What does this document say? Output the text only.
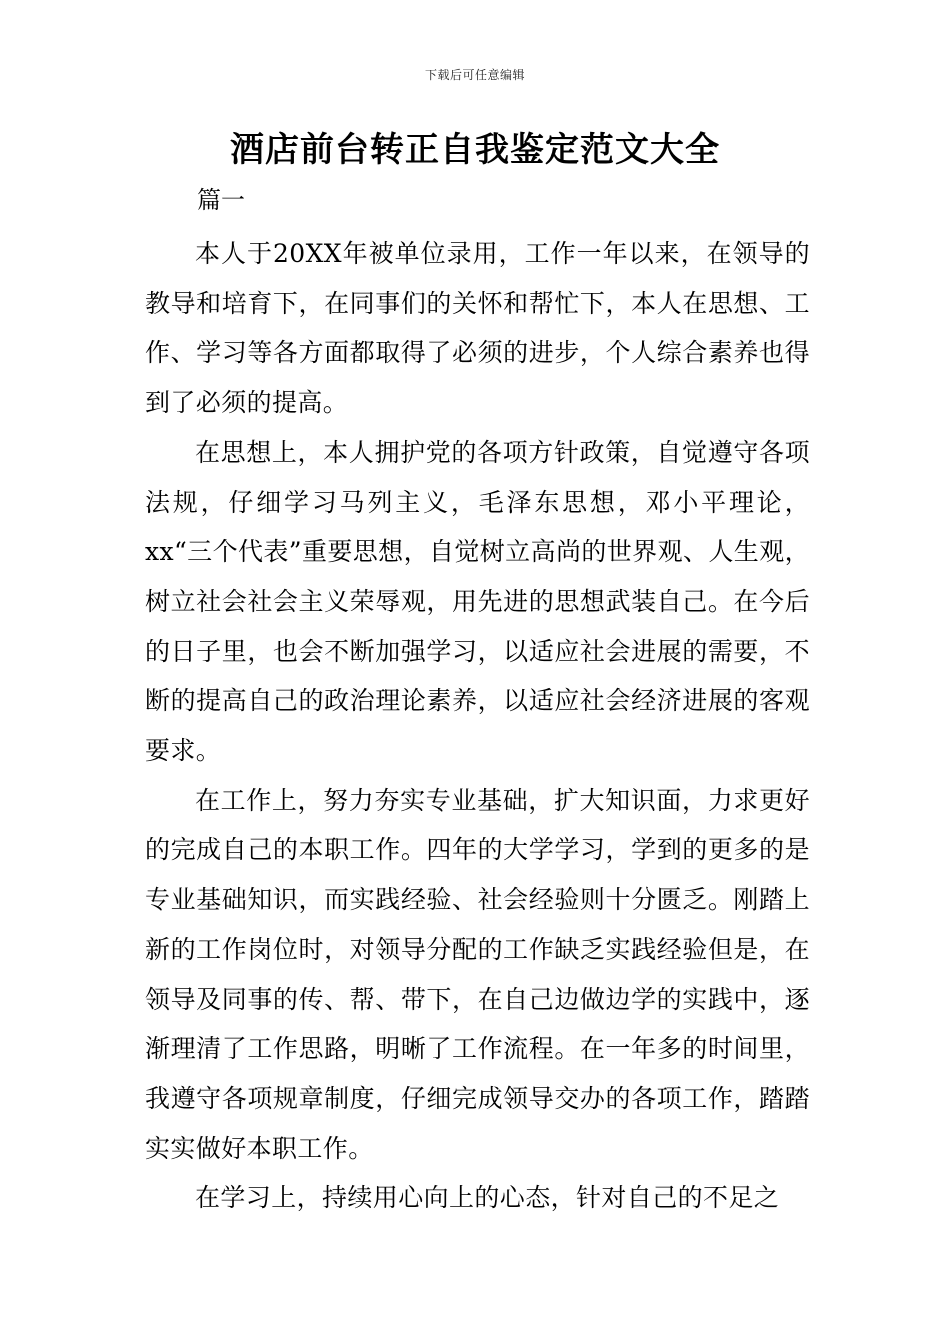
下载后可任意编辑
酒店前台转正自我鉴定范文大全
篇一

本人于20XX年被单位录用，工作一年以来，在领导的教导和培育下，在同事们的关怀和帮忙下，本人在思想、工作、学习等各方面都取得了必须的进步，个人综合素养也得到了必须的提高。

在思想上，本人拥护党的各项方针政策，自觉遵守各项法规，仔细学习马列主义，毛泽东思想，邓小平理论，xx“三个代表”重要思想，自觉树立高尚的世界观、人生观，树立社会社会主义荣辱观，用先进的思想武装自己。在今后的日子里，也会不断加强学习，以适应社会进展的需要，不断的提高自己的政治理论素养，以适应社会经济进展的客观要求。

在工作上，努力夯实专业基础，扩大知识面，力求更好的完成自己的本职工作。四年的大学学习，学到的更多的是专业基础知识，而实践经验、社会经验则十分匮乏。刚踏上新的工作岗位时，对领导分配的工作缺乏实践经验但是，在领导及同事的传、帮、带下，在自己边做边学的实践中，逐渐理清了工作思路，明晰了工作流程。在一年多的时间里，我遵守各项规章制度，仔细完成领导交办的各项工作，踏踏实实做好本职工作。

在学习上，持续用心向上的心态，针对自己的不足之
